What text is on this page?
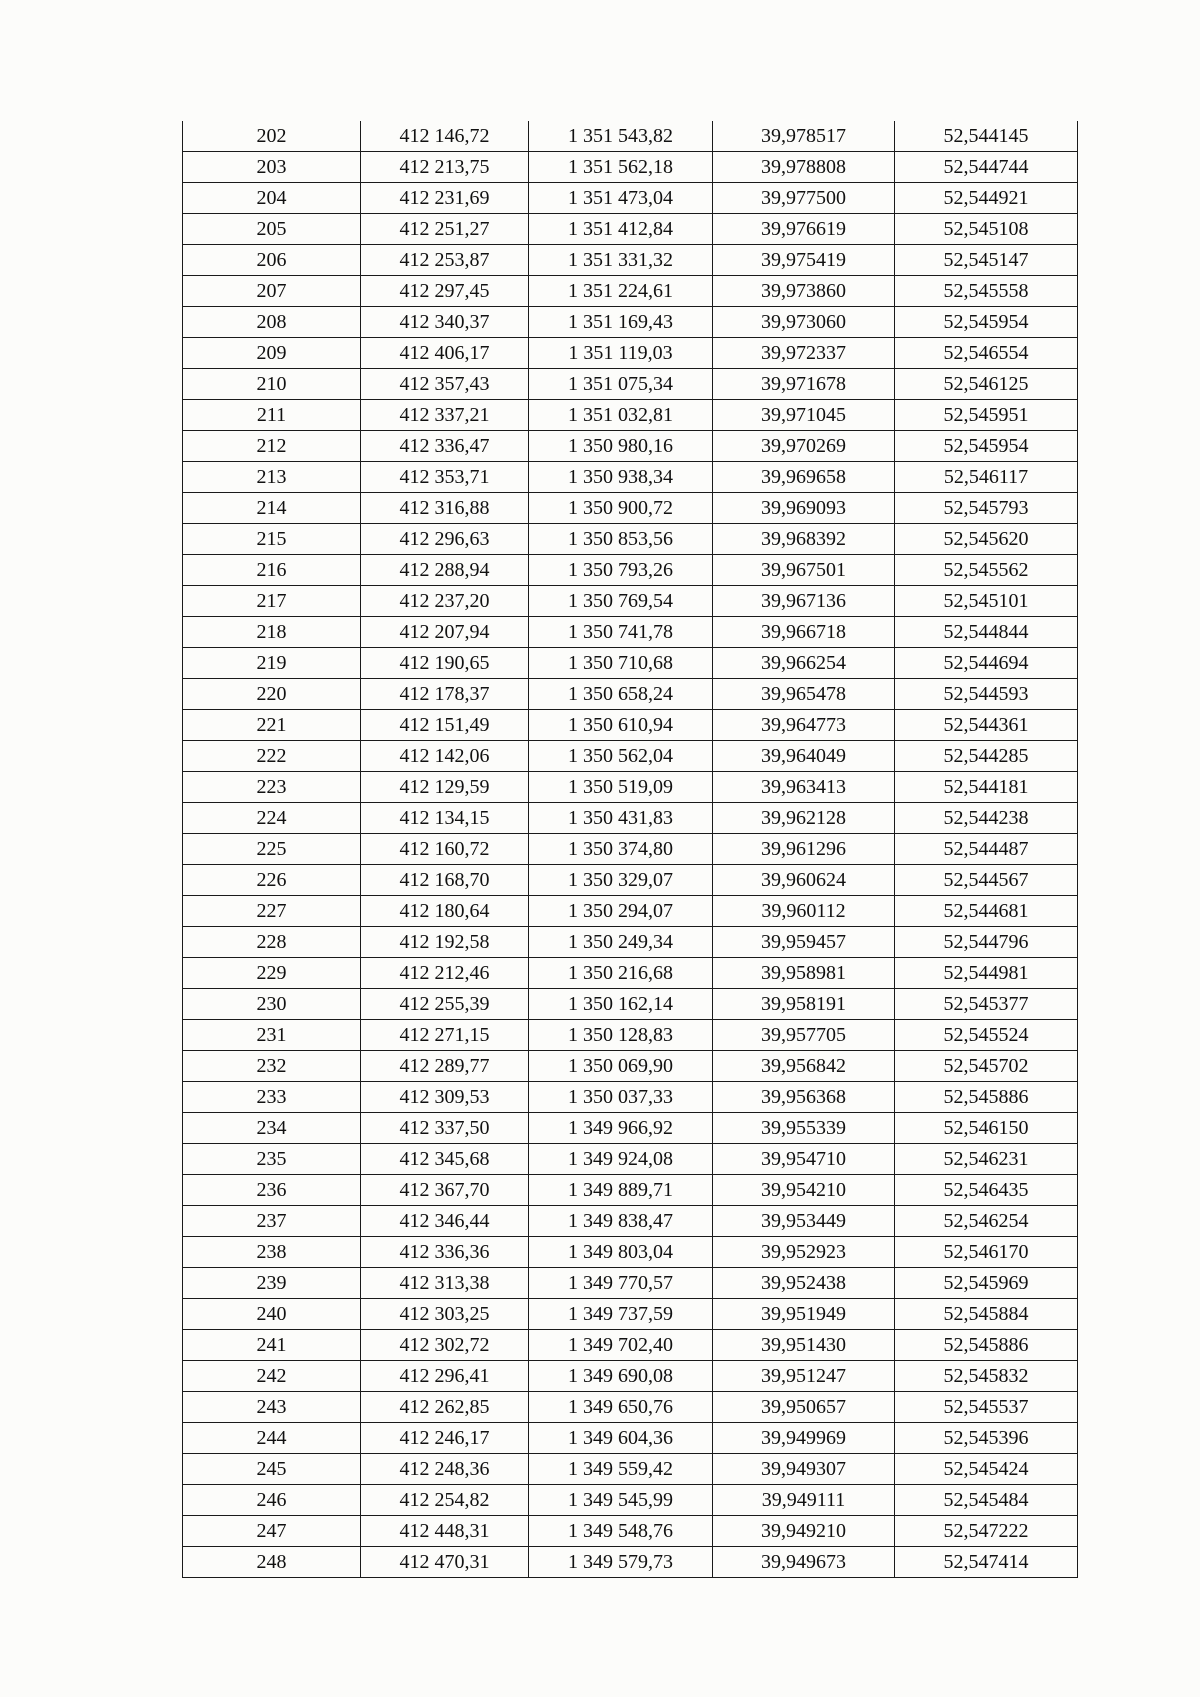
202	412 146,72	1 351 543,82	39,978517	52,544145
203	412 213,75	1 351 562,18	39,978808	52,544744
204	412 231,69	1 351 473,04	39,977500	52,544921
205	412 251,27	1 351 412,84	39,976619	52,545108
206	412 253,87	1 351 331,32	39,975419	52,545147
207	412 297,45	1 351 224,61	39,973860	52,545558
208	412 340,37	1 351 169,43	39,973060	52,545954
209	412 406,17	1 351 119,03	39,972337	52,546554
210	412 357,43	1 351 075,34	39,971678	52,546125
211	412 337,21	1 351 032,81	39,971045	52,545951
212	412 336,47	1 350 980,16	39,970269	52,545954
213	412 353,71	1 350 938,34	39,969658	52,546117
214	412 316,88	1 350 900,72	39,969093	52,545793
215	412 296,63	1 350 853,56	39,968392	52,545620
216	412 288,94	1 350 793,26	39,967501	52,545562
217	412 237,20	1 350 769,54	39,967136	52,545101
218	412 207,94	1 350 741,78	39,966718	52,544844
219	412 190,65	1 350 710,68	39,966254	52,544694
220	412 178,37	1 350 658,24	39,965478	52,544593
221	412 151,49	1 350 610,94	39,964773	52,544361
222	412 142,06	1 350 562,04	39,964049	52,544285
223	412 129,59	1 350 519,09	39,963413	52,544181
224	412 134,15	1 350 431,83	39,962128	52,544238
225	412 160,72	1 350 374,80	39,961296	52,544487
226	412 168,70	1 350 329,07	39,960624	52,544567
227	412 180,64	1 350 294,07	39,960112	52,544681
228	412 192,58	1 350 249,34	39,959457	52,544796
229	412 212,46	1 350 216,68	39,958981	52,544981
230	412 255,39	1 350 162,14	39,958191	52,545377
231	412 271,15	1 350 128,83	39,957705	52,545524
232	412 289,77	1 350 069,90	39,956842	52,545702
233	412 309,53	1 350 037,33	39,956368	52,545886
234	412 337,50	1 349 966,92	39,955339	52,546150
235	412 345,68	1 349 924,08	39,954710	52,546231
236	412 367,70	1 349 889,71	39,954210	52,546435
237	412 346,44	1 349 838,47	39,953449	52,546254
238	412 336,36	1 349 803,04	39,952923	52,546170
239	412 313,38	1 349 770,57	39,952438	52,545969
240	412 303,25	1 349 737,59	39,951949	52,545884
241	412 302,72	1 349 702,40	39,951430	52,545886
242	412 296,41	1 349 690,08	39,951247	52,545832
243	412 262,85	1 349 650,76	39,950657	52,545537
244	412 246,17	1 349 604,36	39,949969	52,545396
245	412 248,36	1 349 559,42	39,949307	52,545424
246	412 254,82	1 349 545,99	39,949111	52,545484
247	412 448,31	1 349 548,76	39,949210	52,547222
248	412 470,31	1 349 579,73	39,949673	52,547414
